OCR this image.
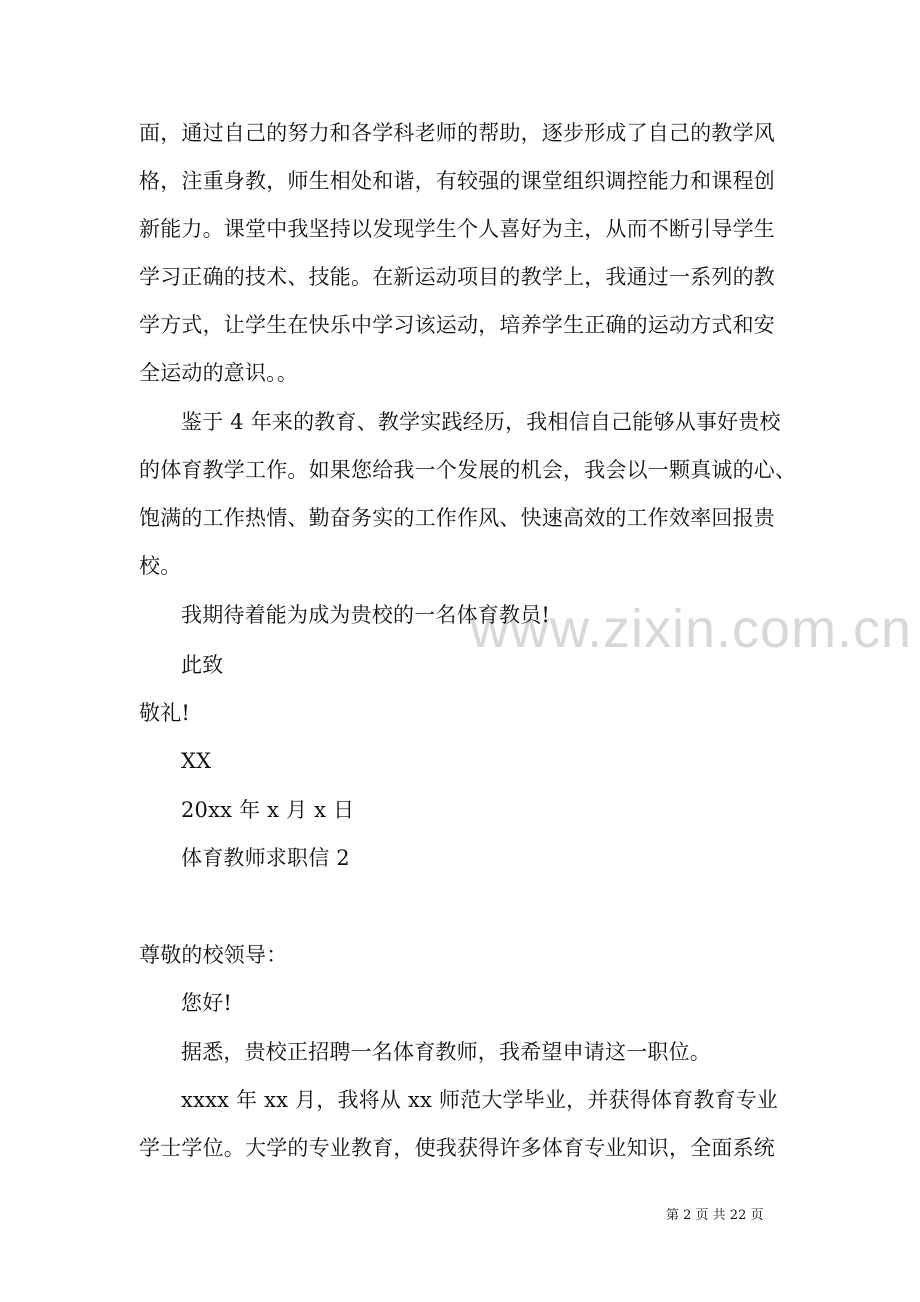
www.zixin.com.cn
面，通过自己的努力和各学科老师的帮助，逐步形成了自己的教学风
格，注重身教，师生相处和谐，有较强的课堂组织调控能力和课程创
新能力。课堂中我坚持以发现学生个人喜好为主，从而不断引导学生
学习正确的技术、技能。在新运动项目的教学上，我通过一系列的教
学方式，让学生在快乐中学习该运动，培养学生正确的运动方式和安
全运动的意识。。
鉴于 4 年来的教育、教学实践经历，我相信自己能够从事好贵校
的体育教学工作。如果您给我一个发展的机会，我会以一颗真诚的心、
饱满的工作热情、勤奋务实的工作作风、快速高效的工作效率回报贵
校。
我期待着能为成为贵校的一名体育教员!
此致
敬礼!
XX
20xx 年 x 月 x 日
体育教师求职信 2
尊敬的校领导：
您好!
据悉，贵校正招聘一名体育教师，我希望申请这一职位。
xxxx 年 xx 月，我将从 xx 师范大学毕业，并获得体育教育专业
学士学位。大学的专业教育，使我获得许多体育专业知识，全面系统
第 2 页 共 22 页
